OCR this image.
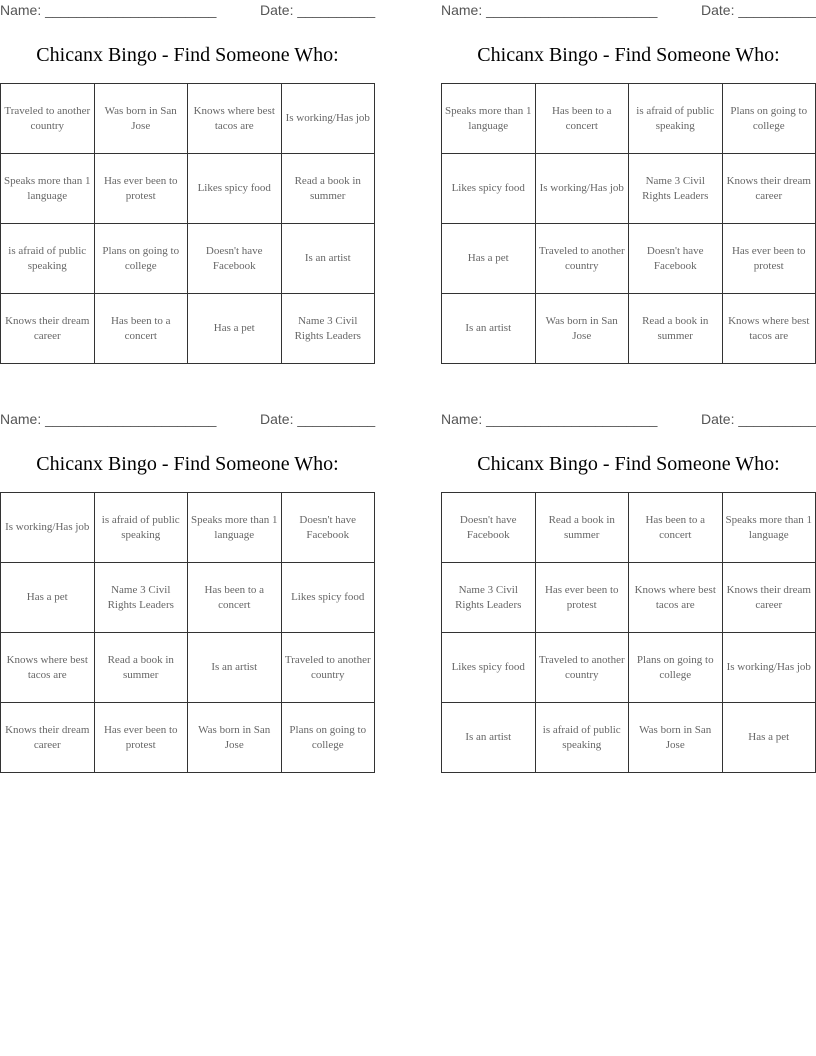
Name: ______________________	Date: __________
Chicanx Bingo - Find Someone Who:
Traveled to another country	Was born in San Jose	Knows where best tacos are	Is working/Has job
Speaks more than 1 language	Has ever been to protest	Likes spicy food	Read a book in summer
is afraid of public speaking	Plans on going to college	Doesn't have Facebook	Is an artist
Knows their dream career	Has been to a concert	Has a pet	Name 3 Civil Rights Leaders
Name: ______________________	Date: __________
Chicanx Bingo - Find Someone Who:
Speaks more than 1 language	Has been to a concert	is afraid of public speaking	Plans on going to college
Likes spicy food	Is working/Has job	Name 3 Civil Rights Leaders	Knows their dream career
Has a pet	Traveled to another country	Doesn't have Facebook	Has ever been to protest
Is an artist	Was born in San Jose	Read a book in summer	Knows where best tacos are
Name: ______________________	Date: __________
Chicanx Bingo - Find Someone Who:
Is working/Has job	is afraid of public speaking	Speaks more than 1 language	Doesn't have Facebook
Has a pet	Name 3 Civil Rights Leaders	Has been to a concert	Likes spicy food
Knows where best tacos are	Read a book in summer	Is an artist	Traveled to another country
Knows their dream career	Has ever been to protest	Was born in San Jose	Plans on going to college
Name: ______________________	Date: __________
Chicanx Bingo - Find Someone Who:
Doesn't have Facebook	Read a book in summer	Has been to a concert	Speaks more than 1 language
Name 3 Civil Rights Leaders	Has ever been to protest	Knows where best tacos are	Knows their dream career
Likes spicy food	Traveled to another country	Plans on going to college	Is working/Has job
Is an artist	is afraid of public speaking	Was born in San Jose	Has a pet
